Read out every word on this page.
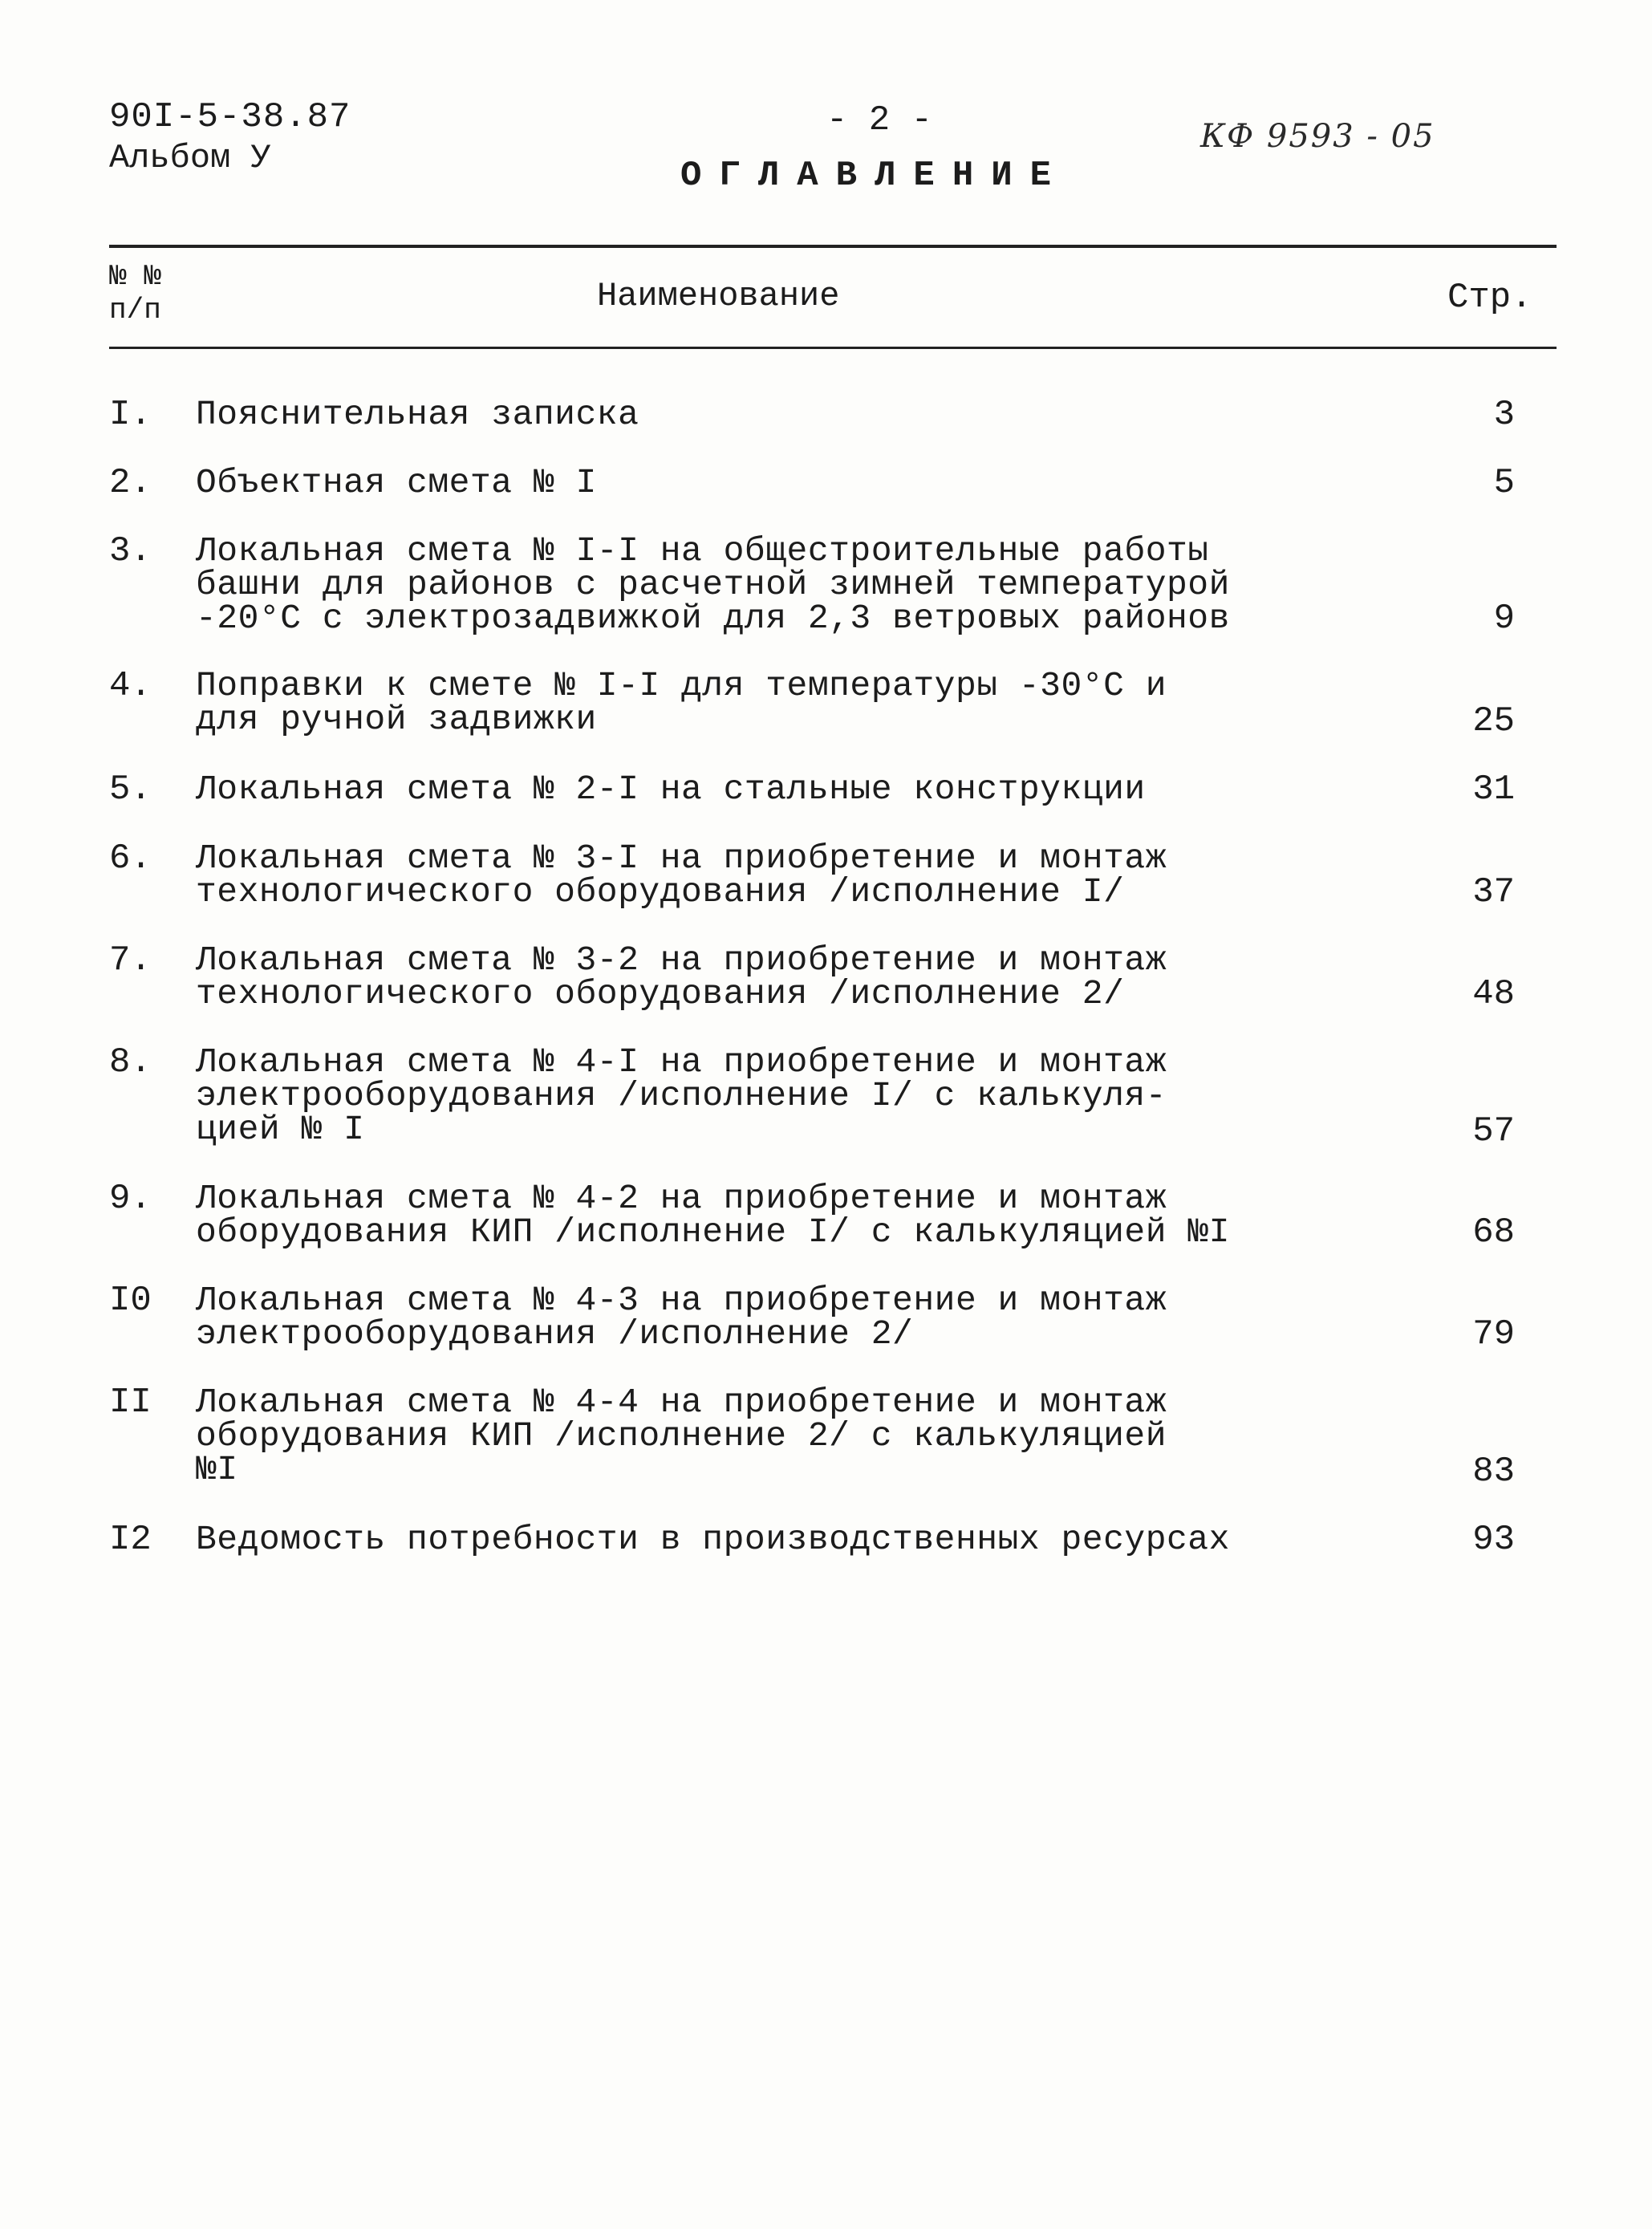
90I-5-38.87
Альбом У
- 2 -
ОГЛАВЛЕНИЕ
КФ 9593 - 05
№ №
п/п	Наименование	Стр.
I.	Пояснительная записка	3
2.	Объектная смета № I	5
3.	Локальная смета № I-I на общестроительные работы
башни для районов с расчетной зимней температурой
-20°С с электрозадвижкой для 2,3 ветровых районов	9
4.	Поправки к смете № I-I для температуры -30°С и
для ручной задвижки	25
5.	Локальная смета № 2-I на стальные конструкции	31
6.	Локальная смета № 3-I на приобретение и монтаж
технологического оборудования /исполнение I/	37
7.	Локальная смета № 3-2 на приобретение и монтаж
технологического оборудования /исполнение 2/	48
8.	Локальная смета № 4-I на приобретение и монтаж
электрооборудования /исполнение I/ с калькуля-
цией № I	57
9.	Локальная смета № 4-2 на приобретение и монтаж
оборудования КИП /исполнение I/ с калькуляцией №I	68
I0	Локальная смета № 4-3 на приобретение и монтаж
электрооборудования /исполнение 2/	79
II	Локальная смета № 4-4 на приобретение и монтаж
оборудования КИП /исполнение 2/ с калькуляцией
№I	83
I2	Ведомость потребности в производственных ресурсах	93
